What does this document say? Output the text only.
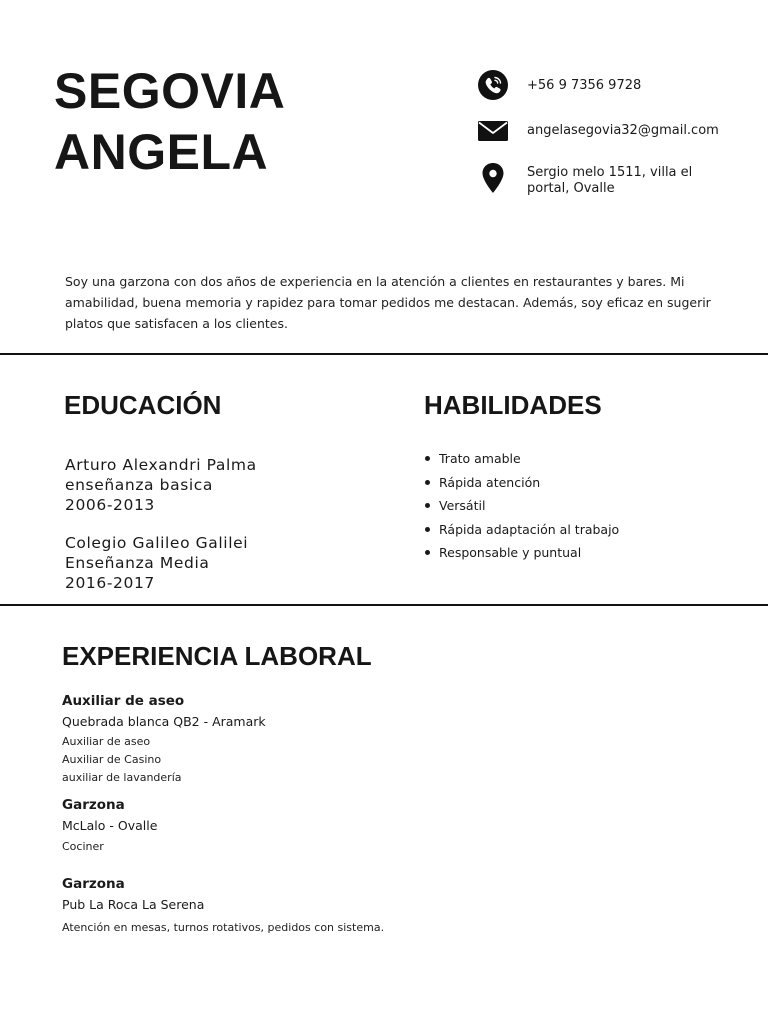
SEGOVIA
ANGELA
+56 9 7356 9728
angelasegovia32@gmail.com
Sergio melo 1511, villa el
portal, Ovalle
Soy una garzona con dos años de experiencia en la atención a clientes en restaurantes y bares. Mi
amabilidad, buena memoria y rapidez para tomar pedidos me destacan. Además, soy eficaz en sugerir
platos que satisfacen a los clientes.
EDUCACIÓN
Arturo Alexandri Palma
enseñanza basica
2006-2013
Colegio Galileo Galilei
Enseñanza Media
2016-2017
HABILIDADES
Trato amable
Rápida atención
Versátil
Rápida adaptación al trabajo
Responsable y puntual
EXPERIENCIA LABORAL
Auxiliar de aseo
Quebrada blanca QB2 - Aramark
Auxiliar de aseo
Auxiliar de Casino
auxiliar de lavandería
Garzona
McLalo - Ovalle
Cociner
Garzona
Pub La Roca La Serena
Atención en mesas, turnos rotativos, pedidos con sistema.
